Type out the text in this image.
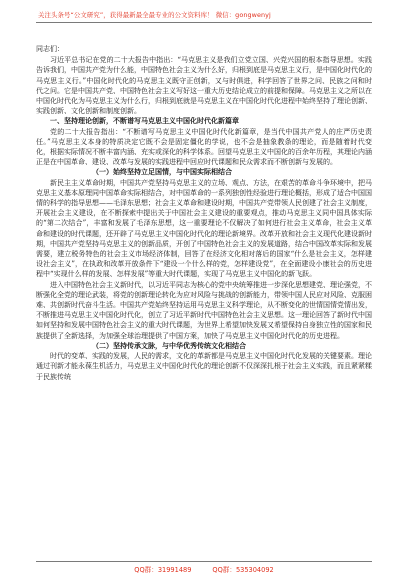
关注头条号“公文研究”，获得最新最全最专业的公文资料库！ 微信：gongwenyj

同志们：

习近平总书记在党的二十大报告中指出：“马克思主义是我们立党立国、兴党兴国的根本指导思想。实践告诉我们，中国共产党为什么能，中国特色社会主义为什么好，归根到底是马克思主义行，是中国化时代化的马克思主义行。”中国化时代化的马克思主义既守正创新，又与时俱进，科学回答了世界之问、民族之问和时代之问。它是中国共产党、中国特色社会主义写好这一重大历史结论成立的前提和保障。马克思主义之所以在中国化时代化为马克思主义为什么行，归根到底就是马克思主义在中国化时代化进程中始终坚持了理论创新、实践创新、文化创新和制度创新。

一、坚持理论创新，不断谱写马克思主义中国化时代化新篇章

党的二十大报告指出：“不断谱写马克思主义中国化时代化新篇章，是当代中国共产党人的庄严历史责任。”马克思主义本身的特质决定它既不会是固定僵化的学说，也不会是抽象教条的理论，而是随着时代变化，根据实际情况不断丰富内涵、充实或深化的科学体系。回望马克思主义中国化的百余年历程，其理论内涵正是在中国革命、建设、改革与发展的实践进程中回应时代课题和民众需求而不断创新与发展的。

（一）始终坚持立足国情，与中国实际相结合

新民主主义革命时期，中国共产党坚持马克思主义的立场、观点、方法，在艰苦的革命斗争环境中，把马克思主义基本原理同中国革命实际相结合，对中国革命的一系列独创性经验进行理论概括，形成了适合中国国情的科学的指导思想——毛泽东思想；社会主义革命和建设时期，中国共产党带领人民创建了社会主义制度，开展社会主义建设，在不断探索中提出关于中国社会主义建设的重要观点，推动马克思主义同中国具体实际的“第二次结合”，丰富和发展了毛泽东思想，这一重要理论不仅解决了如何进行社会主义革命，社会主义革命和建设的时代课题，还开辟了马克思主义中国化时代化的理论新境界。改革开放和社会主义现代化建设新时期，中国共产党坚持马克思主义的创新品质，开创了中国特色社会主义的发展道路，结合中国改革实际和发展需要，建立税务特色的社会主义市场经济体制，回答了在经济文化相对落后的国家“什么是社会主义，怎样建设社会主义”，在执政和改革开放条件下“建设一个什么样的党，怎样建设党”，在全面建设小康社会的历史进程中“实现什么样的发展、怎样发展”等重大时代课题，实现了马克思主义中国化的新飞跃。

进入中国特色社会主义新时代，以习近平同志为核心的党中央统筹推进一步深化思想建党、理论强党，不断强化全党的理论武装，将党的创新理论转化为应对风险与挑战的创新能力，带领中国人民应对风险、克服困难、共创新时代奋斗生活。中国共产党始终坚持运用马克思主义科学理论，从不断变化的世情国情党情出发，不断推进马克思主义中国化时代化，创立了习近平新时代中国特色社会主义思想。这一理论回答了新时代中国如何坚持和发展中国特色社会主义的重大时代课题，为世界上希望加快发展又希望保持自身独立性的国家和民族提供了全新选择，为加强全球治理提供了中国方案，加快了马克思主义中国化时代化的历史进程。

（二）坚持传承文脉，与中华优秀传统文化相结合

时代的变革、实践的发展，人民的需求，文化的革新都是马克思主义中国化时代化发展的关键要素。理论通过刊新才能永葆生机活力，马克思主义中国化时代化的理论创新不仅深深扎根于社会主义实践，而且紧紧糅于民族传统

QQ群：31991489	QQ群：535304092
